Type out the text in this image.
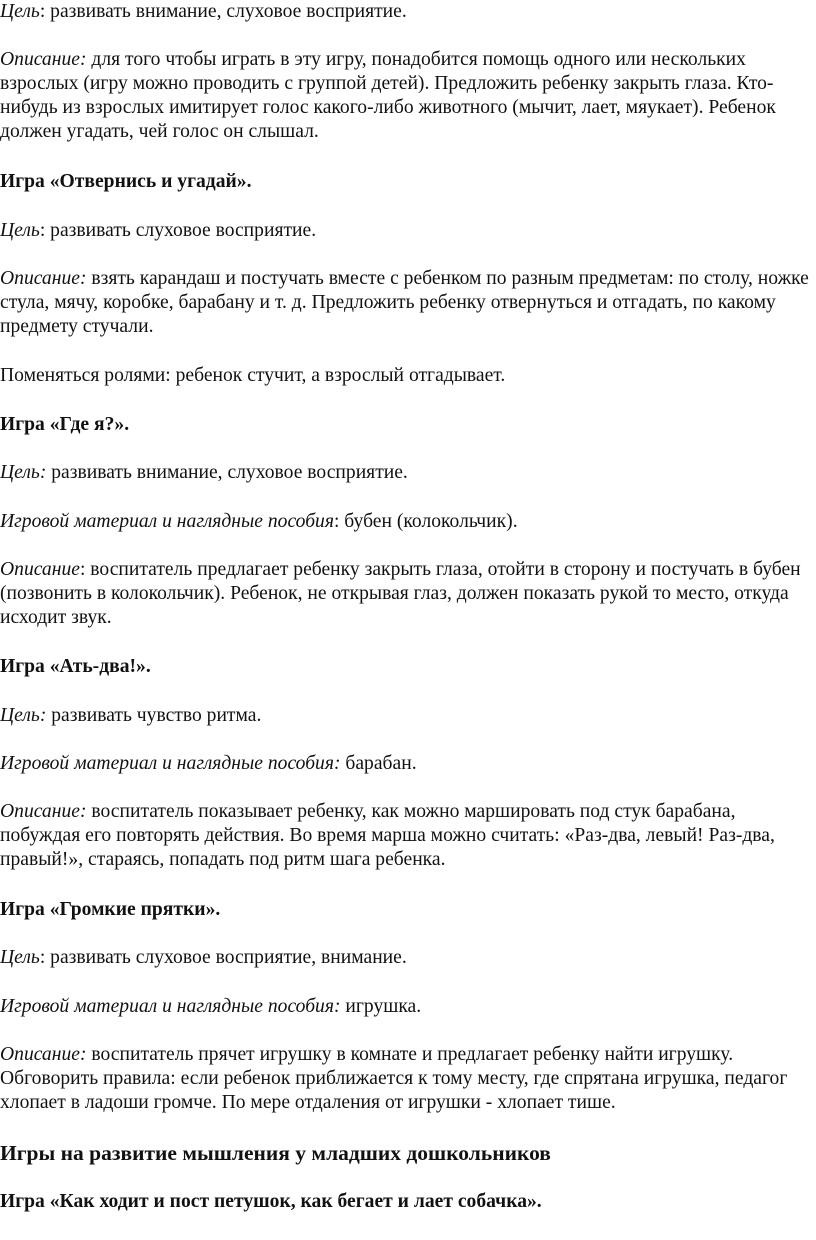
Цель: развивать внимание, слуховое восприятие.

Описание: для того чтобы играть в эту игру, понадобится помощь одного или нескольких взрослых (игру можно проводить с группой детей). Предложить ребенку закрыть глаза. Кто-нибудь из взрослых имитирует голос какого-либо животного (мычит, лает, мяукает). Ребенок должен угадать, чей голос он слышал.

Игра «Отвернись и угадай».

Цель: развивать слуховое восприятие.

Описание: взять карандаш и постучать вместе с ребенком по разным предметам: по столу, ножке стула, мячу, коробке, барабану и т. д. Предложить ребенку отвернуться и отгадать, по какому предмету стучали.

Поменяться ролями: ребенок стучит, а взрослый отгадывает.

Игра «Где я?».

Цель: развивать внимание, слуховое восприятие.

Игровой материал и наглядные пособия: бубен (колокольчик).

Описание: воспитатель предлагает ребенку закрыть глаза, отойти в сторону и постучать в бубен (позвонить в колокольчик). Ребенок, не открывая глаз, должен показать рукой то место, откуда исходит звук.

Игра «Ать-два!».

Цель: развивать чувство ритма.

Игровой материал и наглядные пособия: барабан.

Описание: воспитатель показывает ребенку, как можно маршировать под стук барабана, побуждая его повторять действия. Во время марша можно считать: «Раз-два, левый! Раз-два, правый!», стараясь, попадать под ритм шага ребенка.

Игра «Громкие прятки».

Цель: развивать слуховое восприятие, внимание.

Игровой материал и наглядные пособия: игрушка.

Описание: воспитатель прячет игрушку в комнате и предлагает ребенку найти игрушку. Обговорить правила: если ребенок приближается к тому месту, где спрятана игрушка, педагог хлопает в ладоши громче. По мере отдаления от игрушки - хлопает тише.

Игры на развитие мышления у младших дошкольников

Игра «Как ходит и пост петушок, как бегает и лает собачка».
